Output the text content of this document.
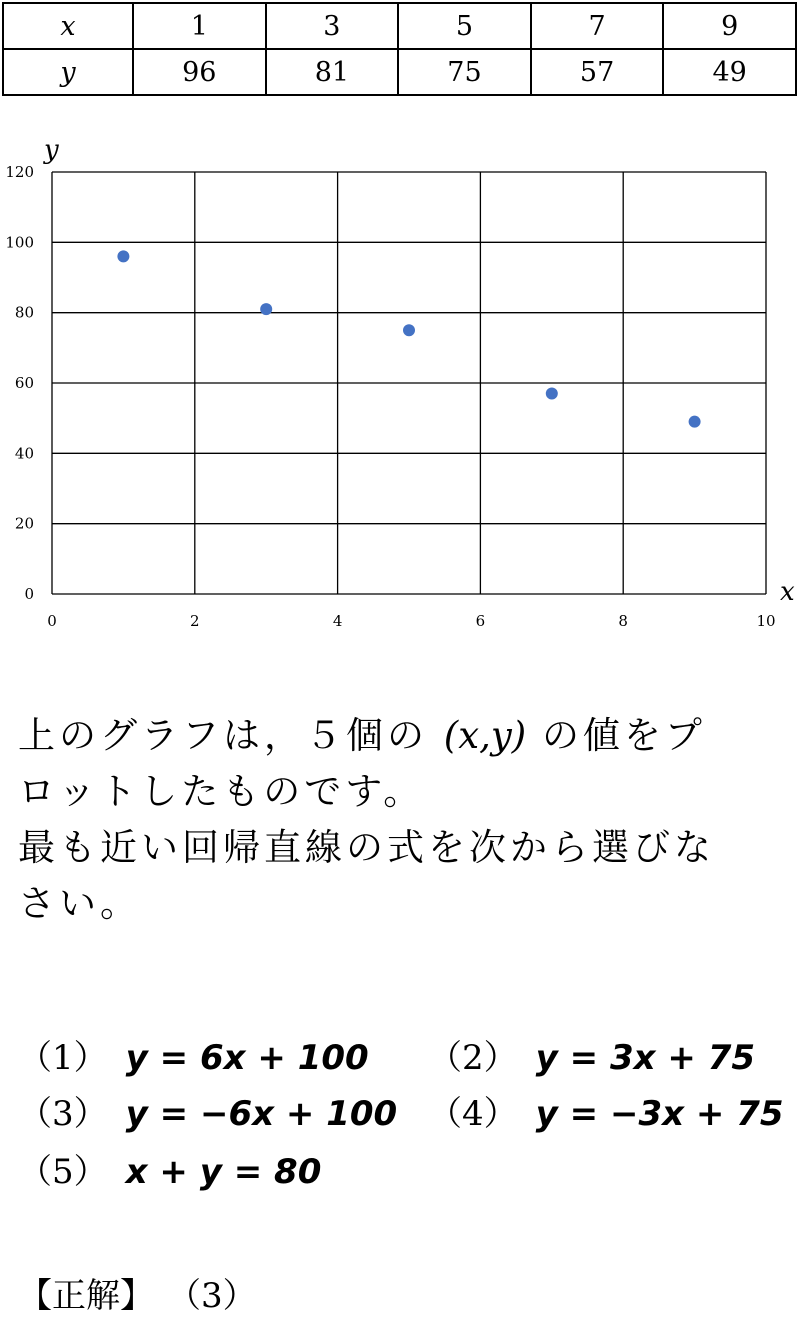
x	1	3	5	7	9
y	96	81	75	57	49
0	2	4	6	8	10
0
20
40
60
80
100
120
y
x
上のグラフは，５個の (x,y) の値をプ
ロットしたものです。
最も近い回帰直線の式を次から選びな
さい。
（1） y = 6x + 100 （2） y = 3x + 75
（3） y = −6x + 100 （4） y = −3x + 75
（5） x + y = 80
【正解】 （3）
